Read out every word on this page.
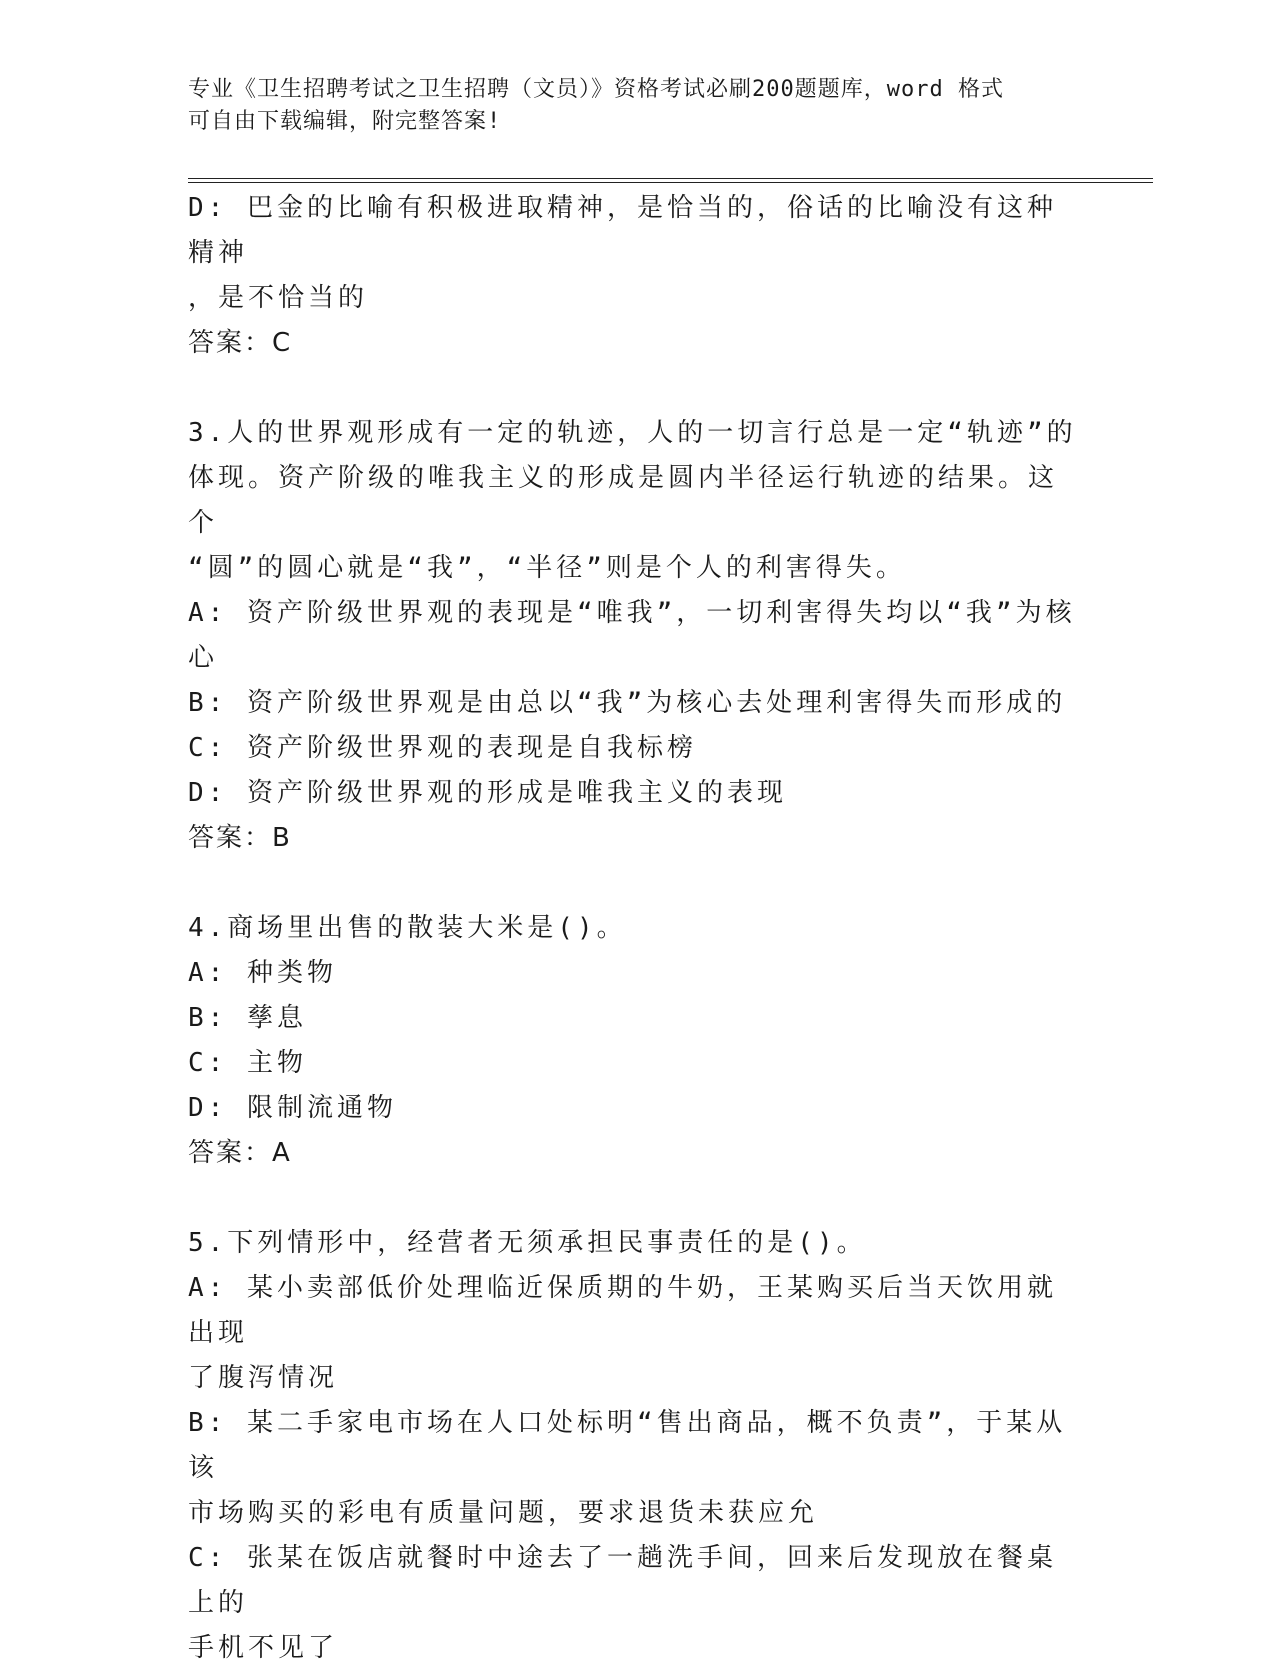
专业《卫生招聘考试之卫生招聘（文员）》资格考试必刷200题题库，word 格式
可自由下载编辑，附完整答案!
D: 巴金的比喻有积极进取精神，是恰当的，俗话的比喻没有这种精神
，是不恰当的
答案：C
3.人的世界观形成有一定的轨迹，人的一切言行总是一定“轨迹”的
体现。资产阶级的唯我主义的形成是圆内半径运行轨迹的结果。这个
“圆”的圆心就是“我”，“半径”则是个人的利害得失。
A: 资产阶级世界观的表现是“唯我”，一切利害得失均以“我”为核
心
B: 资产阶级世界观是由总以“我”为核心去处理利害得失而形成的
C: 资产阶级世界观的表现是自我标榜
D: 资产阶级世界观的形成是唯我主义的表现
答案：B
4.商场里出售的散装大米是()。
A: 种类物
B: 孳息
C: 主物
D: 限制流通物
答案：A
5.下列情形中，经营者无须承担民事责任的是()。
A: 某小卖部低价处理临近保质期的牛奶，王某购买后当天饮用就出现
了腹泻情况
B: 某二手家电市场在人口处标明“售出商品，概不负责”，于某从该
市场购买的彩电有质量问题，要求退货未获应允
C: 张某在饭店就餐时中途去了一趟洗手间，回来后发现放在餐桌上的
手机不见了
